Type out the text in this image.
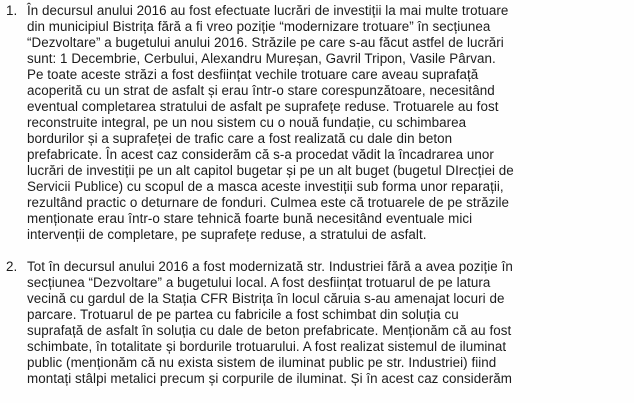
1. În decursul anului 2016 au fost efectuate lucrări de investiții la mai multe trotuare
din municipiul Bistrița fără a fi vreo poziție “modernizare trotuare” în secțiunea
“Dezvoltare” a bugetului anului 2016. Străzile pe care s-au făcut astfel de lucrări
sunt: 1 Decembrie, Cerbului, Alexandru Mureșan, Gavril Tripon, Vasile Pârvan.
Pe toate aceste străzi a fost desființat vechile trotuare care aveau suprafață
acoperită cu un strat de asfalt și erau într-o stare corespunzătoare, necesitând
eventual completarea stratului de asfalt pe suprafețe reduse. Trotuarele au fost
reconstruite integral, pe un nou sistem cu o nouă fundație, cu schimbarea
bordurilor și a suprafeței de trafic care a fost realizată cu dale din beton
prefabricate. În acest caz considerăm că s-a procedat vădit la încadrarea unor
lucrări de investiții pe un alt capitol bugetar și pe un alt buget (bugetul DIrecției de
Servicii Publice) cu scopul de a masca aceste investiții sub forma unor reparații,
rezultând practic o deturnare de fonduri. Culmea este că trotuarele de pe străzile
menționate erau într-o stare tehnică foarte bună necesitând eventuale mici
intervenții de completare, pe suprafețe reduse, a stratului de asfalt.
2. Tot în decursul anului 2016 a fost modernizată str. Industriei fără a avea poziție în
secțiunea “Dezvoltare” a bugetului local. A fost desființat trotuarul de pe latura
vecină cu gardul de la Stația CFR Bistrița în locul căruia s-au amenajat locuri de
parcare. Trotuarul de pe partea cu fabricile a fost schimbat din soluția cu
suprafață de asfalt în soluția cu dale de beton prefabricate. Menționăm că au fost
schimbate, în totalitate și bordurile trotuarului. A fost realizat sistemul de iluminat
public (menționăm că nu exista sistem de iluminat public pe str. Industriei) fiind
montați stâlpi metalici precum și corpurile de iluminat. Și în acest caz considerăm
